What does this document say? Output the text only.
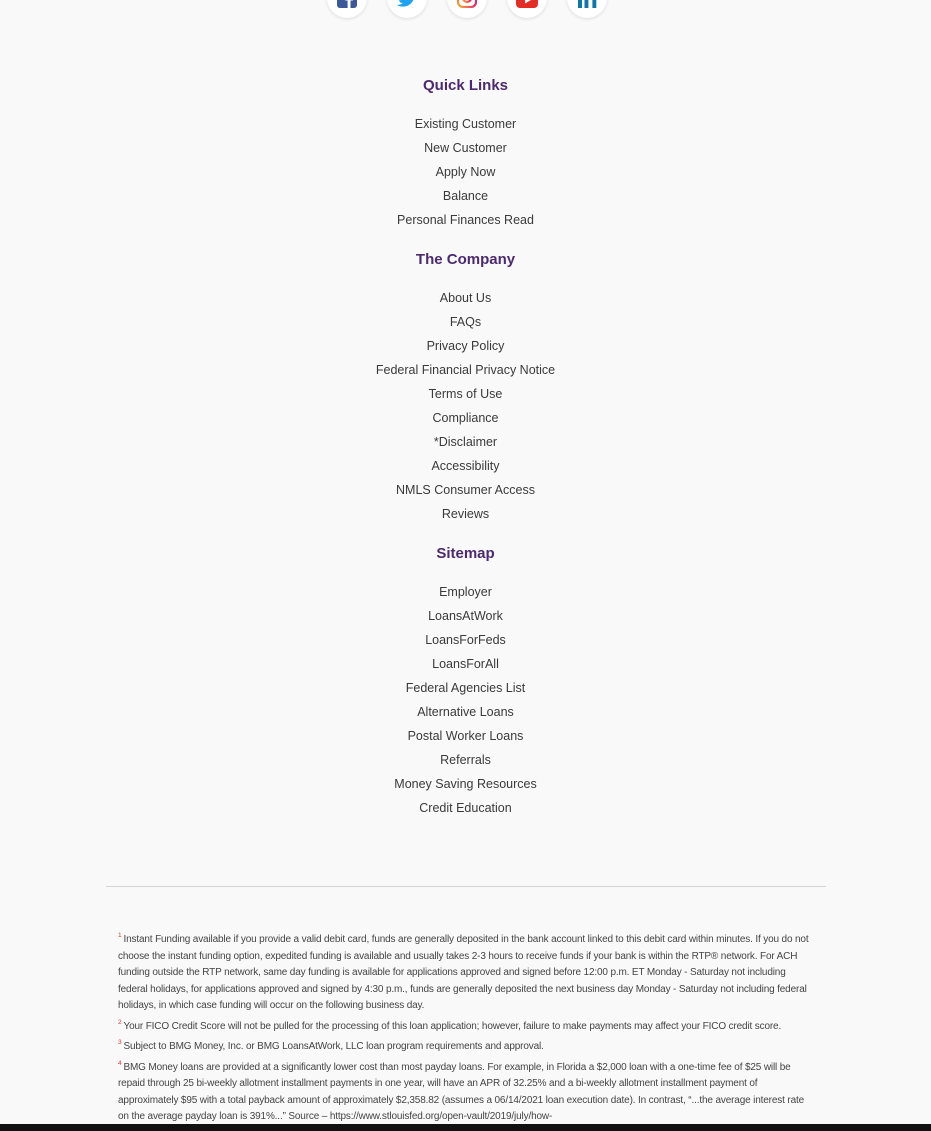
Quick Links
Existing Customer
New Customer
Apply Now
Balance
Personal Finances Read
The Company
About Us
FAQs
Privacy Policy
Federal Financial Privacy Notice
Terms of Use
Compliance
*Disclaimer
Accessibility
NMLS Consumer Access
Reviews
Sitemap
Employer
LoansAtWork
LoansForFeds
LoansForAll
Federal Agencies List
Alternative Loans
Postal Worker Loans
Referrals
Money Saving Resources
Credit Education

$^1$ Instant Funding available if you provide a valid debit card, funds are generally deposited in the bank account linked to this debit card within minutes. If you do not choose the instant funding option, expedited funding is available and usually takes 2-3 hours to receive funds if your bank is within the RTP® network. For ACH funding outside the RTP network, same day funding is available for applications approved and signed before 12:00 p.m. ET Monday - Saturday not including federal holidays, for applications approved and signed by 4:30 p.m., funds are generally deposited the next business day Monday - Saturday not including federal holidays, in which case funding will occur on the following business day.

$^2$ Your FICO Credit Score will not be pulled for the processing of this loan application; however, failure to make payments may affect your FICO credit score.

$^3$ Subject to BMG Money, Inc. or BMG LoansAtWork, LLC loan program requirements and approval.

$^4$ BMG Money loans are provided at a significantly lower cost than most payday loans. For example, in Florida a $2,000 loan with a one-time fee of $25 will be repaid through 25 bi-weekly allotment installment payments in one year, will have an APR of 32.25% and a bi-weekly allotment installment payment of approximately $95 with a total payback amount of approximately $2,358.82 (assumes a 06/14/2021 loan execution date). In contrast, “...the average interest rate on the average payday loan is 391%...” Source – https://www.stlouisfed.org/open-vault/2019/july/how-
